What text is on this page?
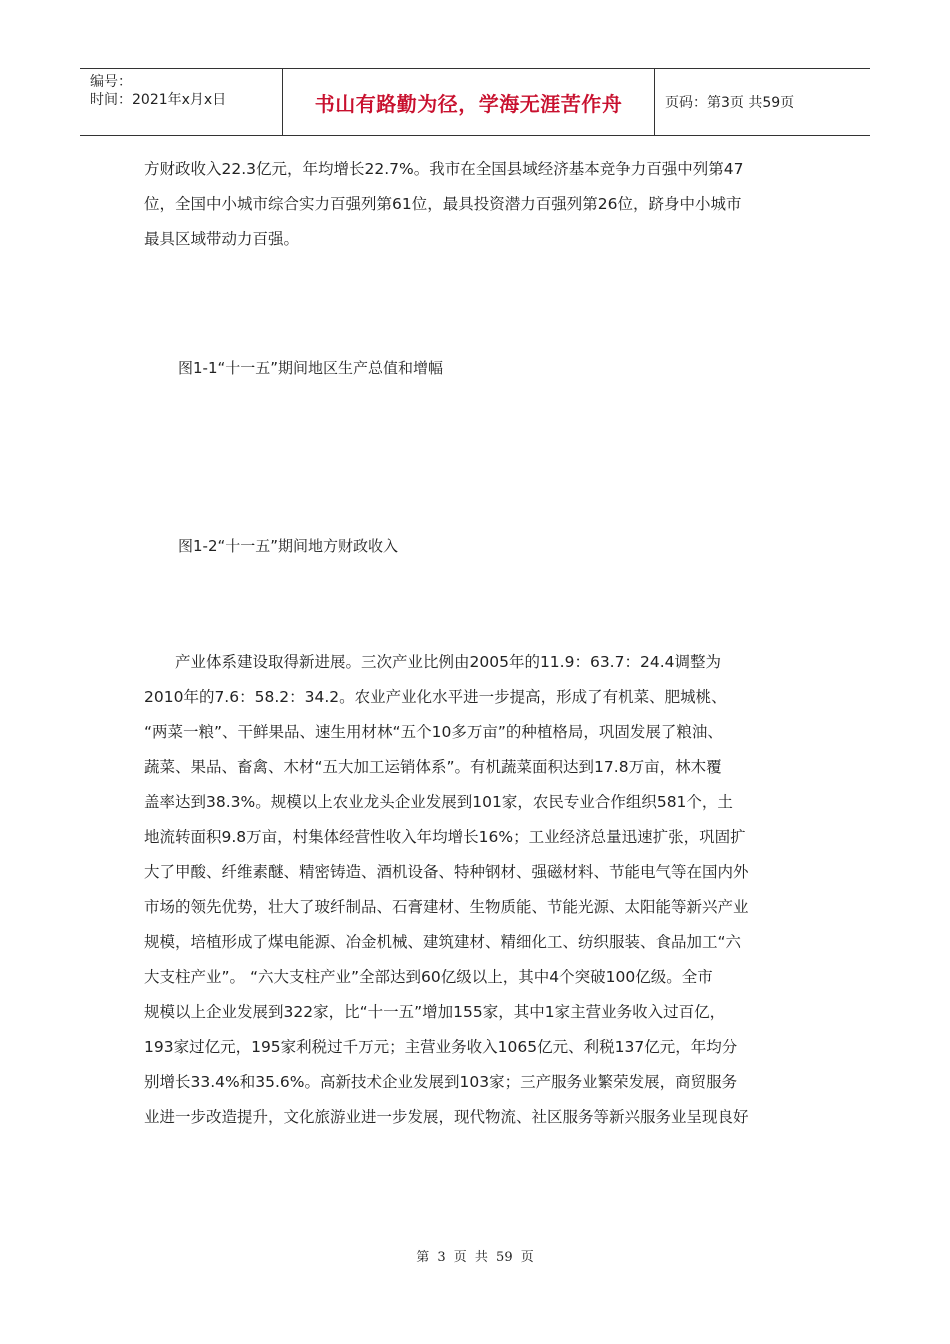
编号：
时间：2021年x月x日	书山有路勤为径，学海无涯苦作舟	页码：第3页 共59页
方财政收入22.3亿元，年均增长22.7%。我市在全国县域经济基本竞争力百强中列第47
位，全国中小城市综合实力百强列第61位，最具投资潜力百强列第26位，跻身中小城市
最具区域带动力百强。
图1-1“十一五”期间地区生产总值和增幅
图1-2“十一五”期间地方财政收入
　　产业体系建设取得新进展。三次产业比例由2005年的11.9：63.7：24.4调整为
2010年的7.6：58.2：34.2。农业产业化水平进一步提高，形成了有机菜、肥城桃、
“两菜一粮”、干鲜果品、速生用材林“五个10多万亩”的种植格局，巩固发展了粮油、
蔬菜、果品、畜禽、木材“五大加工运销体系”。有机蔬菜面积达到17.8万亩，林木覆
盖率达到38.3%。规模以上农业龙头企业发展到101家，农民专业合作组织581个，土
地流转面积9.8万亩，村集体经营性收入年均增长16%；工业经济总量迅速扩张，巩固扩
大了甲酸、纤维素醚、精密铸造、酒机设备、特种钢材、强磁材料、节能电气等在国内外
市场的领先优势，壮大了玻纤制品、石膏建材、生物质能、节能光源、太阳能等新兴产业
规模，培植形成了煤电能源、冶金机械、建筑建材、精细化工、纺织服装、食品加工“六
大支柱产业”。 “六大支柱产业”全部达到60亿级以上，其中4个突破100亿级。全市
规模以上企业发展到322家，比“十一五”增加155家，其中1家主营业务收入过百亿，
193家过亿元，195家利税过千万元；主营业务收入1065亿元、利税137亿元，年均分
别增长33.4%和35.6%。高新技术企业发展到103家；三产服务业繁荣发展，商贸服务
业进一步改造提升，文化旅游业进一步发展，现代物流、社区服务等新兴服务业呈现良好
第 3 页 共 59 页
